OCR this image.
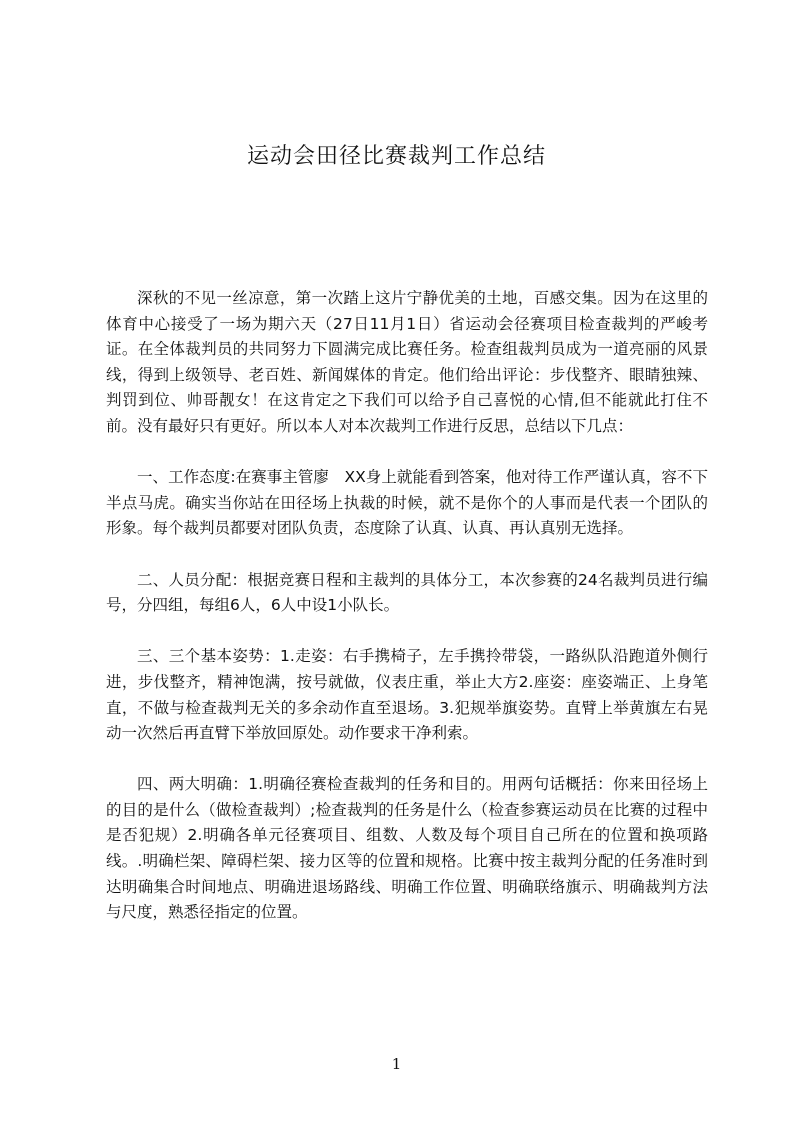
运动会田径比赛裁判工作总结

深秋的不见一丝凉意，第一次踏上这片宁静优美的土地，百感交集。因为在这里的体育中心接受了一场为期六天（27日11月1日）省运动会径赛项目检查裁判的严峻考证。在全体裁判员的共同努力下圆满完成比赛任务。检查组裁判员成为一道亮丽的风景线，得到上级领导、老百姓、新闻媒体的肯定。他们给出评论：步伐整齐、眼睛独辣、判罚到位、帅哥靓女！在这肯定之下我们可以给予自己喜悦的心情,但不能就此打住不前。没有最好只有更好。所以本人对本次裁判工作进行反思，总结以下几点：

一、工作态度:在赛事主管廖　XX身上就能看到答案，他对待工作严谨认真，容不下半点马虎。确实当你站在田径场上执裁的时候，就不是你个的人事而是代表一个团队的形象。每个裁判员都要对团队负责，态度除了认真、认真、再认真别无选择。

二、人员分配：根据竞赛日程和主裁判的具体分工，本次参赛的24名裁判员进行编号，分四组，每组6人，6人中设1小队长。

三、三个基本姿势：1.走姿：右手携椅子，左手携拎带袋，一路纵队沿跑道外侧行进，步伐整齐，精神饱满，按号就做，仪表庄重，举止大方2.座姿：座姿端正、上身笔直，不做与检查裁判无关的多余动作直至退场。3.犯规举旗姿势。直臂上举黄旗左右晃动一次然后再直臂下举放回原处。动作要求干净利索。

四、两大明确：1.明确径赛检查裁判的任务和目的。用两句话概括：你来田径场上的目的是什么（做检查裁判）;检查裁判的任务是什么（检查参赛运动员在比赛的过程中是否犯规）2.明确各单元径赛项目、组数、人数及每个项目自己所在的位置和换项路线。.明确栏架、障碍栏架、接力区等的位置和规格。比赛中按主裁判分配的任务准时到达明确集合时间地点、明确进退场路线、明确工作位置、明确联络旗示、明确裁判方法与尺度，熟悉径指定的位置。

1
